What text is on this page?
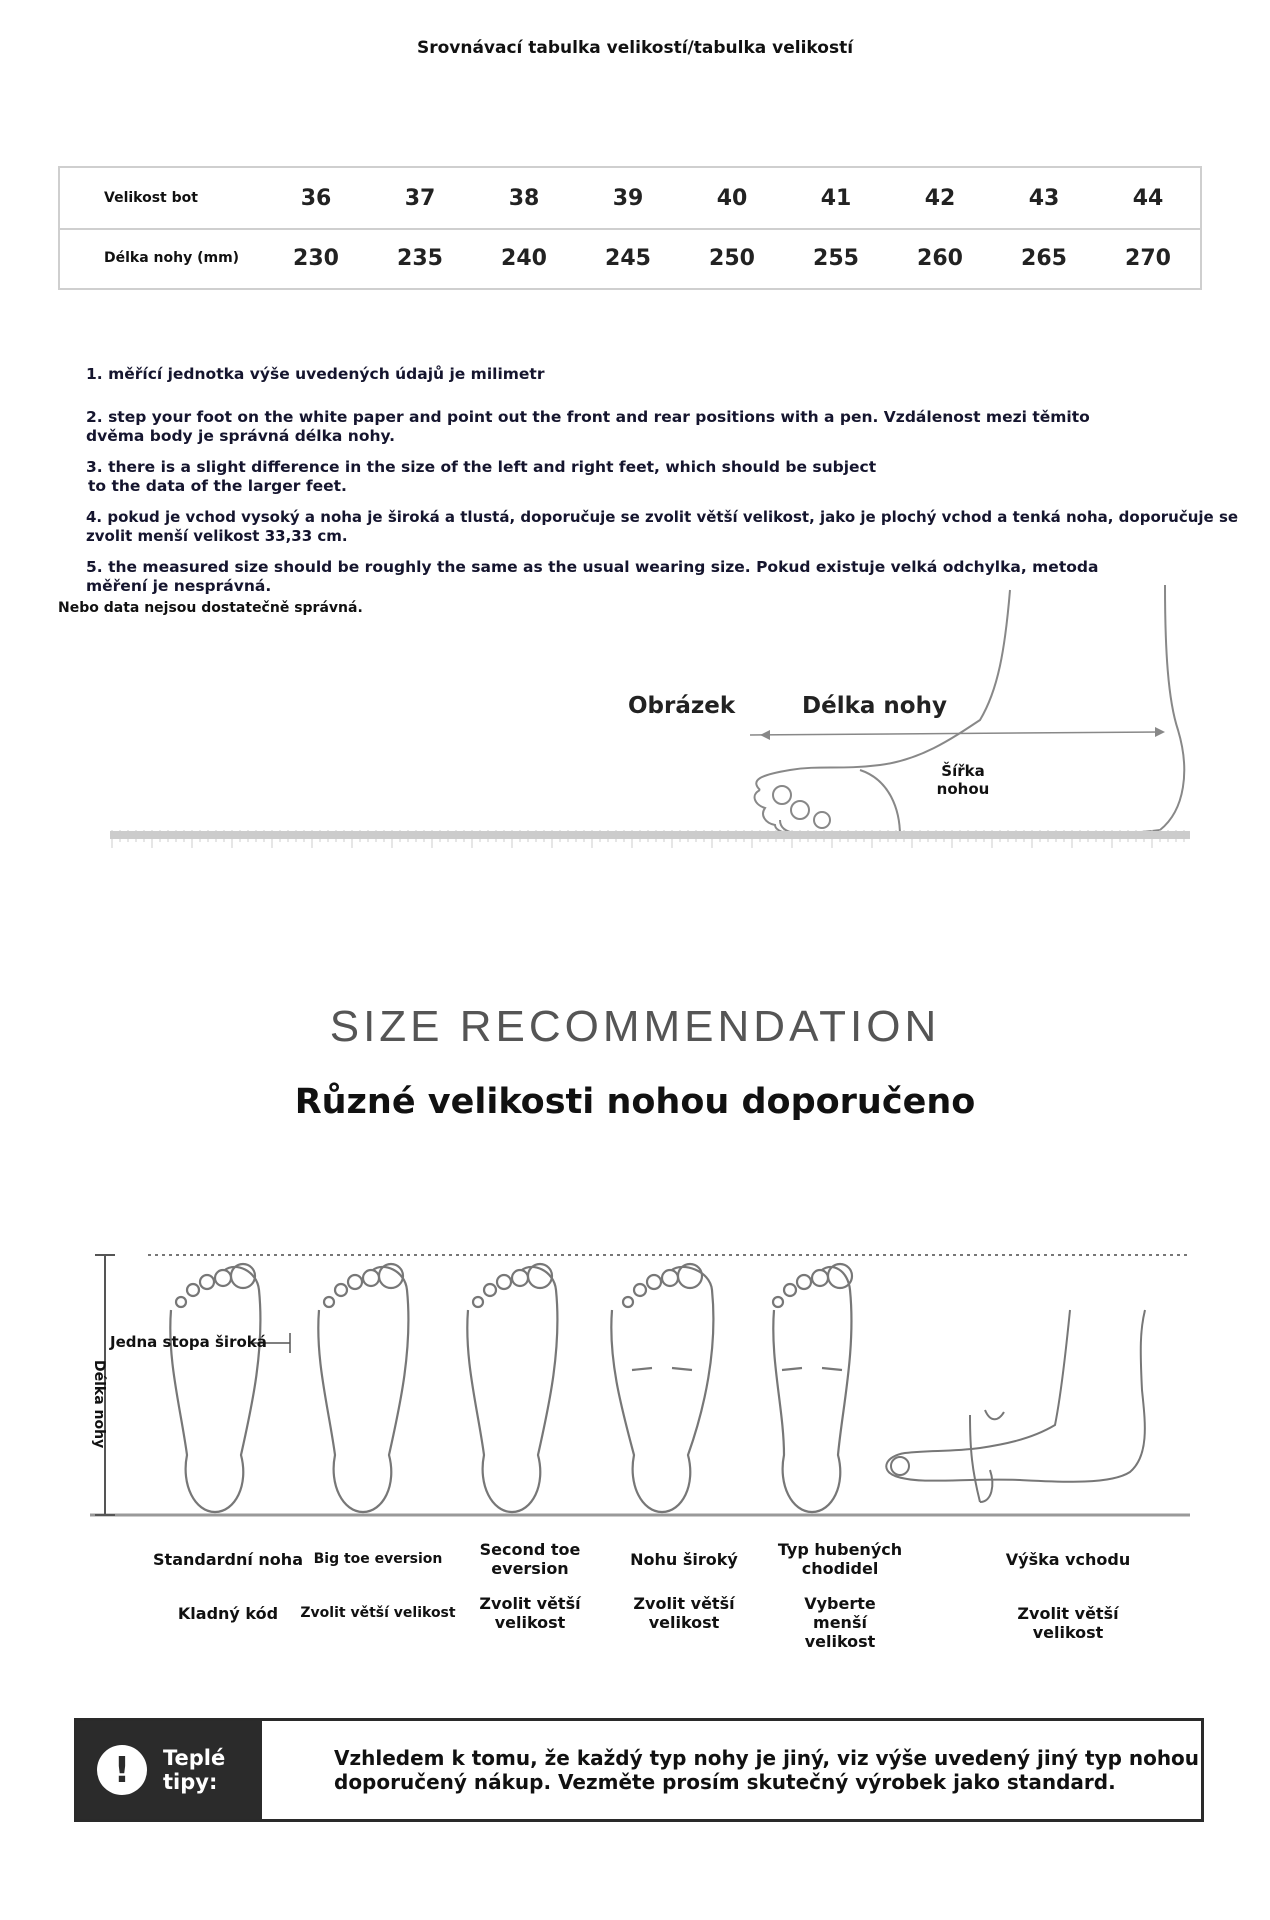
Srovnávací tabulka velikostí/tabulka velikostí
Velikost bot	36	37	38	39	40	41	42	43	44
Délka nohy (mm)	230	235	240	245	250	255	260	265	270
1. měřící jednotka výše uvedených údajů je milimetr
2. step your foot on the white paper and point out the front and rear positions with a pen. Vzdálenost mezi těmito
dvěma body je správná délka nohy.
3. there is a slight difference in the size of the left and right feet, which should be subject
to the data of the larger feet.
4. pokud je vchod vysoký a noha je široká a tlustá, doporučuje se zvolit větší velikost, jako je plochý vchod a tenká noha, doporučuje se
zvolit menší velikost 33,33 cm.
5. the measured size should be roughly the same as the usual wearing size. Pokud existuje velká odchylka, metoda
měření je nesprávná.
Nebo data nejsou dostatečně správná.
Obrázek	Délka nohy
Šířka nohou
SIZE RECOMMENDATION
Různé velikosti nohou doporučeno
Jedna stopa široká
Délka nohy
Standardní noha
Kladný kód
Big toe eversion
Zvolit větší velikost
Second toe eversion
Zvolit větší velikost
Nohu široký
Zvolit větší velikost
Typ hubených chodidel
Vyberte menší velikost
Výška vchodu
Zvolit větší velikost
!	Teplé
tipy:
Vzhledem k tomu, že každý typ nohy je jiný, viz výše uvedený jiný typ nohou doporučený nákup. Vezměte prosím skutečný výrobek jako standard.
